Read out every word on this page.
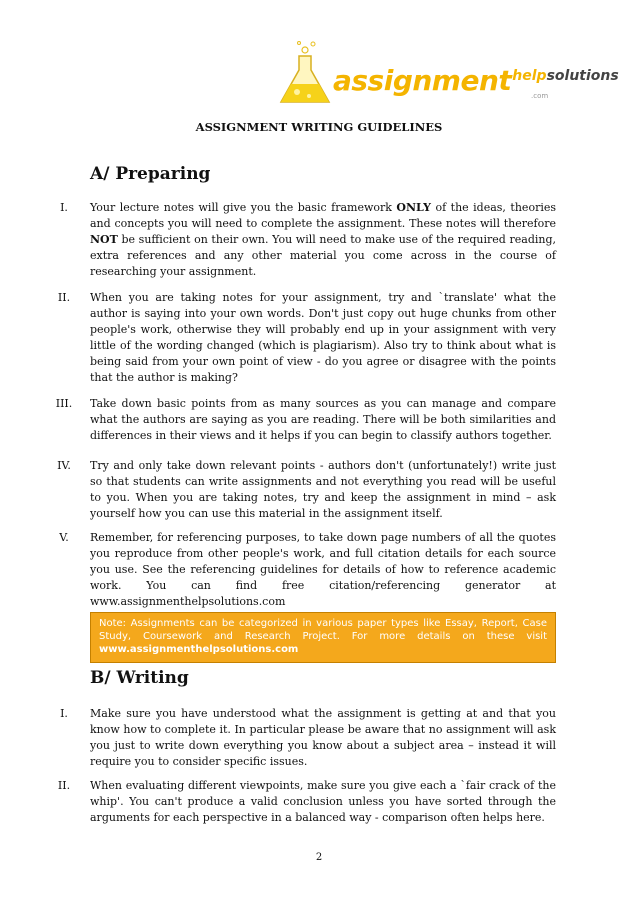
assignmenthelpsolutions
.com
ASSIGNMENT WRITING GUIDELINES
A/ Preparing
I.	Your lecture notes will give you the basic framework ONLY of the ideas, theories and concepts you will need to complete the assignment. These notes will therefore NOT be sufficient on their own. You will need to make use of the required reading, extra references and any other material you come across in the course of researching your assignment.
II.	When you are taking notes for your assignment, try and `translate' what the author is saying into your own words. Don't just copy out huge chunks from other people's work, otherwise they will probably end up in your assignment with very little of the wording changed (which is plagiarism). Also try to think about what is being said from your own point of view - do you agree or disagree with the points that the author is making?
III.	Take down basic points from as many sources as you can manage and compare what the authors are saying as you are reading. There will be both similarities and differences in their views and it helps if you can begin to classify authors together.
IV.	Try and only take down relevant points - authors don't (unfortunately!) write just so that students can write assignments and not everything you read will be useful to you. When you are taking notes, try and keep the assignment in mind – ask yourself how you can use this material in the assignment itself.
V.	Remember, for referencing purposes, to take down page numbers of all the quotes you reproduce from other people's work, and full citation details for each source you use. See the referencing guidelines for details of how to reference academic work. You can find free citation/referencing generator at www.assignmenthelpsolutions.com
Note: Assignments can be categorized in various paper types like Essay, Report, Case Study, Coursework and Research Project. For more details on these visit www.assignmenthelpsolutions.com
B/ Writing
I.	Make sure you have understood what the assignment is getting at and that you know how to complete it. In particular please be aware that no assignment will ask you just to write down everything you know about a subject area – instead it will require you to consider specific issues.
II.	When evaluating different viewpoints, make sure you give each a `fair crack of the whip'. You can't produce a valid conclusion unless you have sorted through the arguments for each perspective in a balanced way - comparison often helps here.
2
